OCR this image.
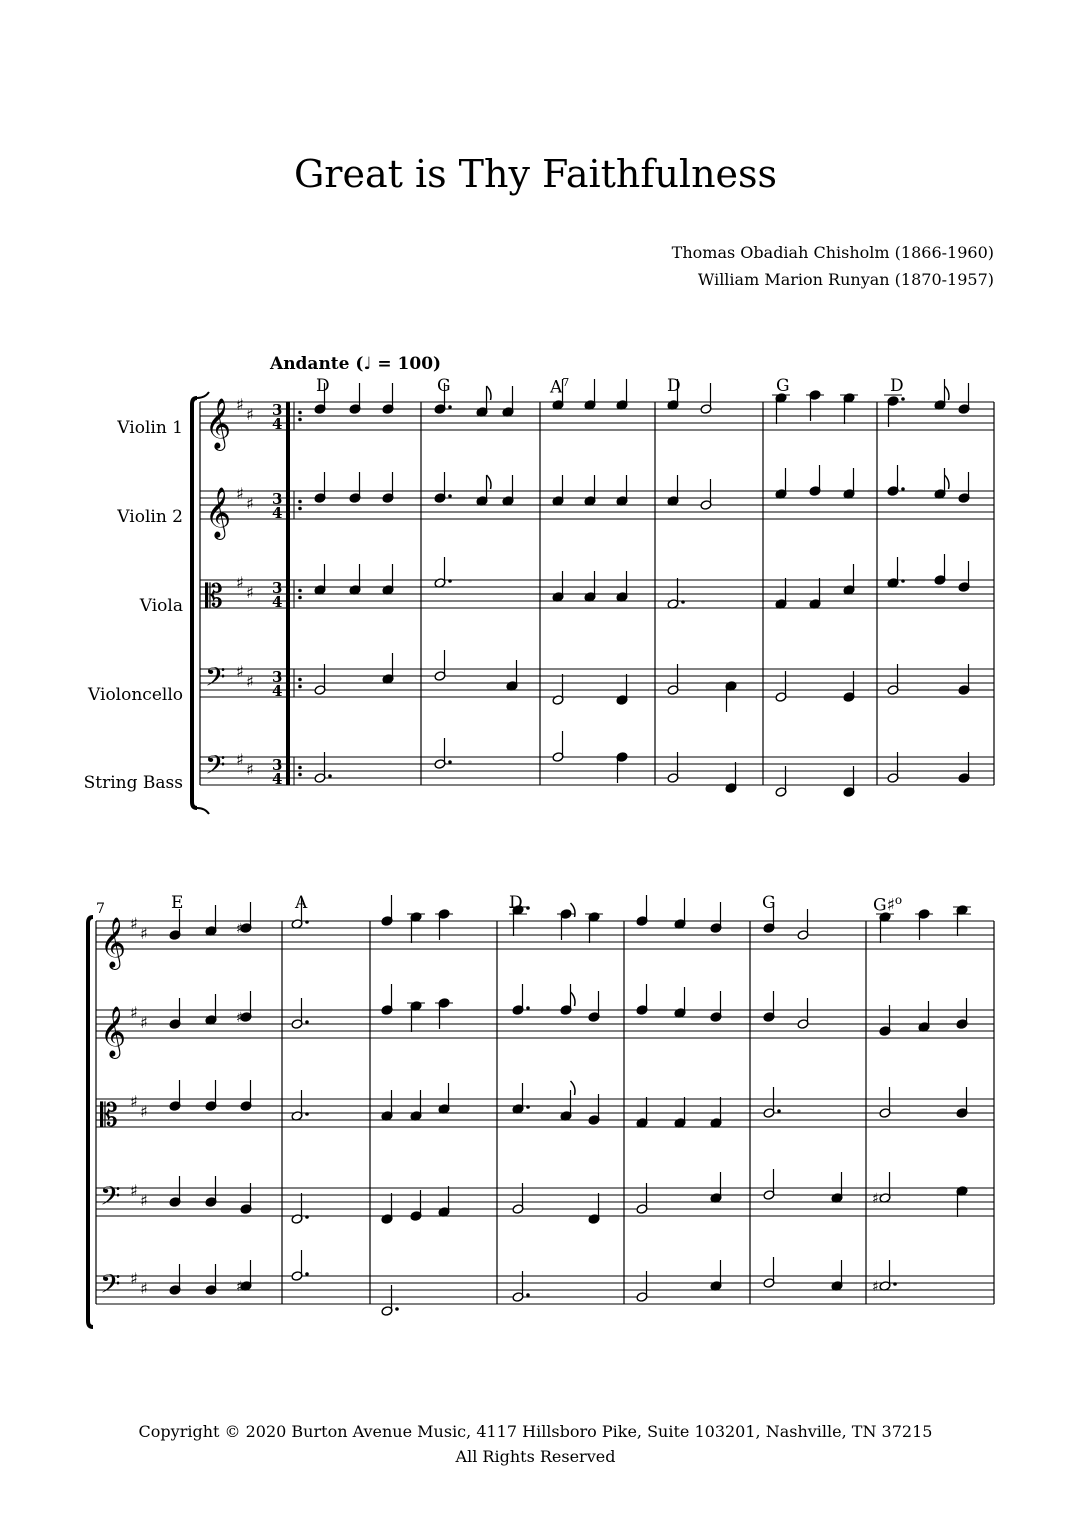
𝄞 ♯
♯ 3
4
𝄞 ♯
♯ 3
4
𝄡 ♯
♯ 3
4
𝄢 ♯
♯ 3
4
𝄢 ♯
♯ 3
4
𝄞 ♯
♯
𝄞 ♯
♯
𝄡 ♯
♯
𝄢 ♯
♯
𝄢 ♯
♯
♯
♯
♯
♯
♯
Great is Thy Faithfulness
Thomas Obadiah Chisholm (1866-1960)
William Marion Runyan (1870-1957)
Andante (♩ = 100)
Violin 1
Violin 2
Viola
Violoncello
String Bass
D	G	$A^7$	D	G	D
7	E	A	D	G	G♯$^o$
Copyright © 2020 Burton Avenue Music, 4117 Hillsboro Pike, Suite 103201, Nashville, TN 37215
All Rights Reserved
